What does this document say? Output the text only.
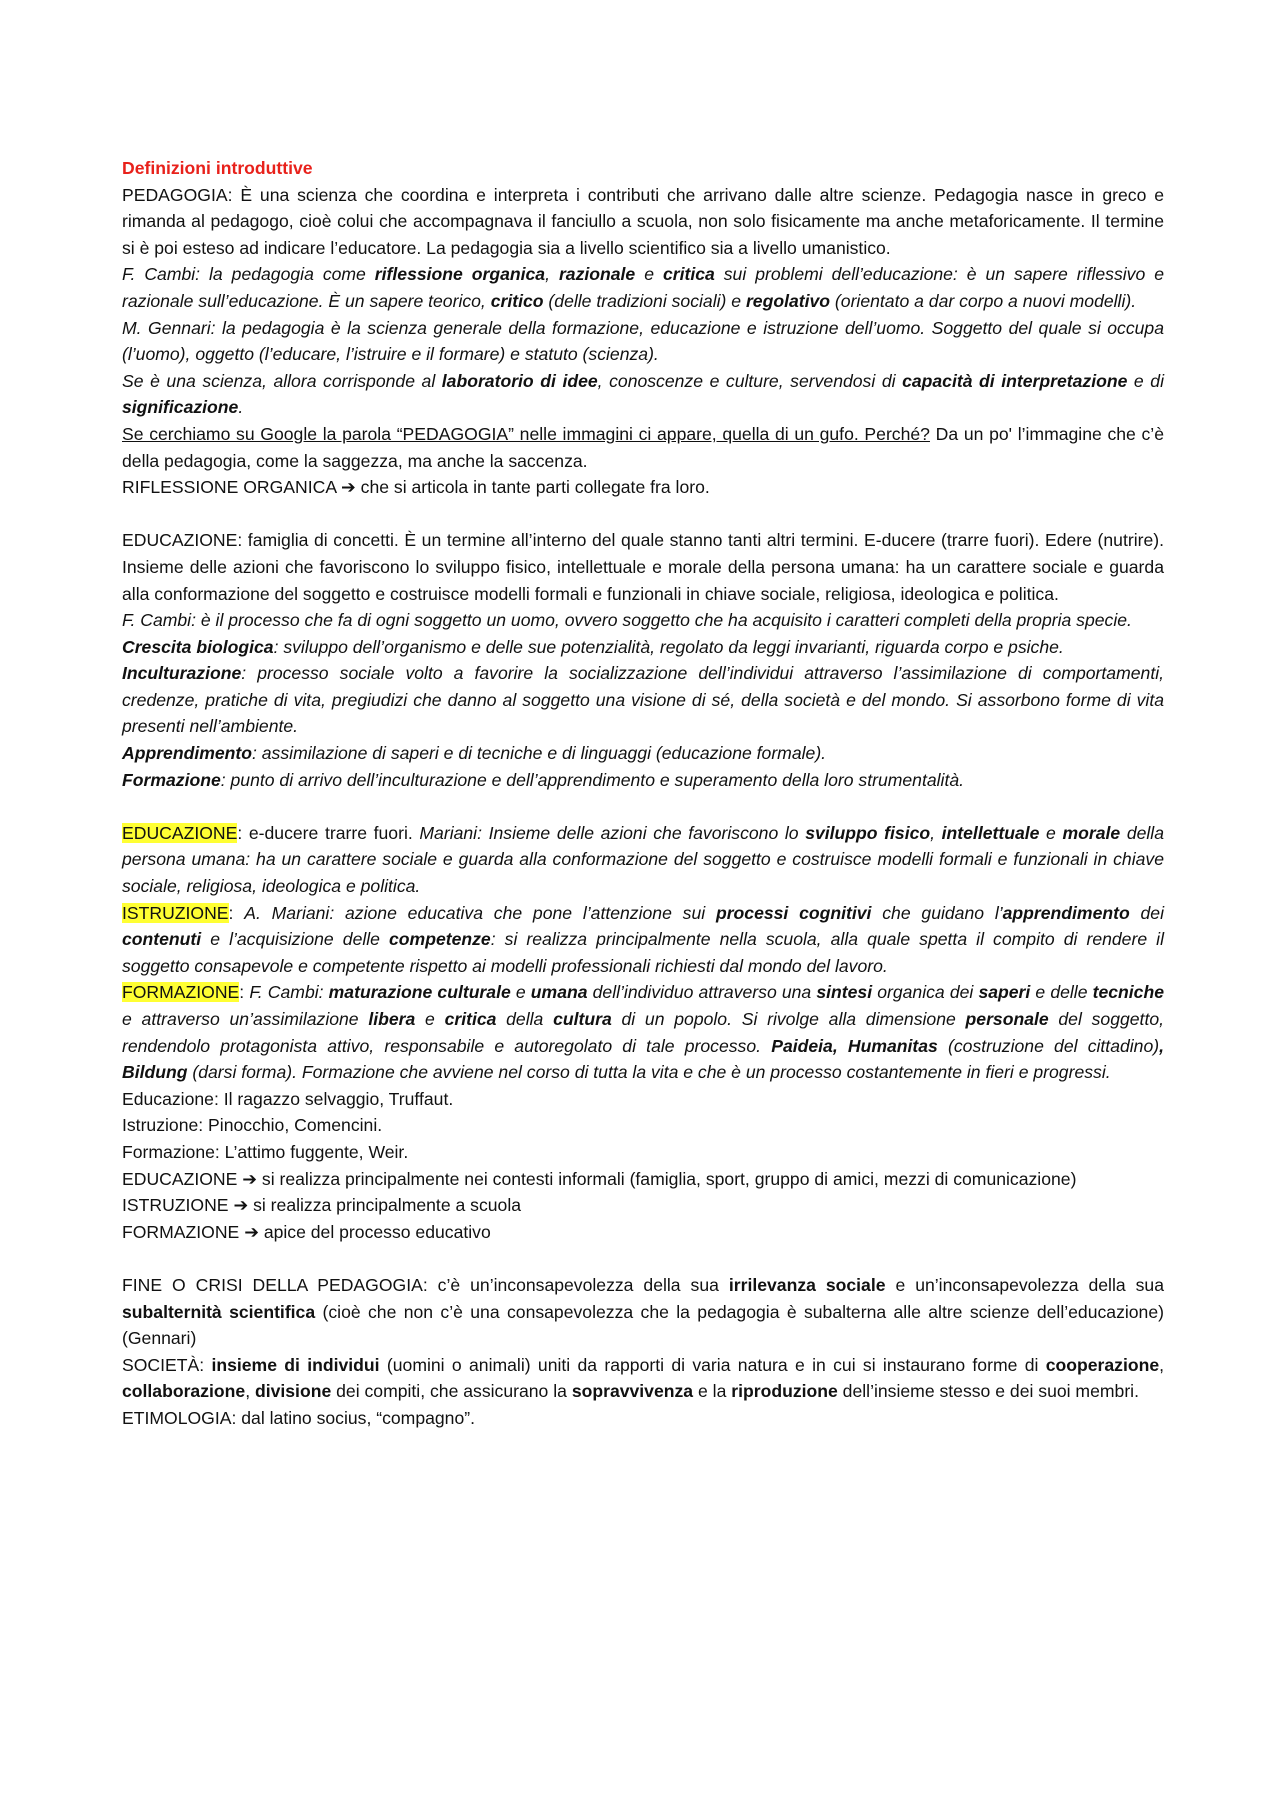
Definizioni introduttive

PEDAGOGIA: È una scienza che coordina e interpreta i contributi che arrivano dalle altre scienze. Pedagogia nasce in greco e rimanda al pedagogo, cioè colui che accompagnava il fanciullo a scuola, non solo fisicamente ma anche metaforicamente. Il termine si è poi esteso ad indicare l’educatore. La pedagogia sia a livello scientifico sia a livello umanistico.

F. Cambi: la pedagogia come riflessione organica, razionale e critica sui problemi dell’educazione: è un sapere riflessivo e razionale sull’educazione. È un sapere teorico, critico (delle tradizioni sociali) e regolativo (orientato a dar corpo a nuovi modelli).

M. Gennari: la pedagogia è la scienza generale della formazione, educazione e istruzione dell’uomo. Soggetto del quale si occupa (l’uomo), oggetto (l’educare, l’istruire e il formare) e statuto (scienza).

Se è una scienza, allora corrisponde al laboratorio di idee, conoscenze e culture, servendosi di capacità di interpretazione e di significazione.

Se cerchiamo su Google la parola “PEDAGOGIA” nelle immagini ci appare, quella di un gufo. Perché? Da un po' l’immagine che c’è della pedagogia, come la saggezza, ma anche la saccenza.

RIFLESSIONE ORGANICA ➔ che si articola in tante parti collegate fra loro.

EDUCAZIONE: famiglia di concetti. È un termine all’interno del quale stanno tanti altri termini. E-ducere (trarre fuori). Edere (nutrire). Insieme delle azioni che favoriscono lo sviluppo fisico, intellettuale e morale della persona umana: ha un carattere sociale e guarda alla conformazione del soggetto e costruisce modelli formali e funzionali in chiave sociale, religiosa, ideologica e politica.

F. Cambi: è il processo che fa di ogni soggetto un uomo, ovvero soggetto che ha acquisito i caratteri completi della propria specie.

Crescita biologica: sviluppo dell’organismo e delle sue potenzialità, regolato da leggi invarianti, riguarda corpo e psiche.

Inculturazione: processo sociale volto a favorire la socializzazione dell’individui attraverso l’assimilazione di comportamenti, credenze, pratiche di vita, pregiudizi che danno al soggetto una visione di sé, della società e del mondo. Si assorbono forme di vita presenti nell’ambiente.

Apprendimento: assimilazione di saperi e di tecniche e di linguaggi (educazione formale).

Formazione: punto di arrivo dell’inculturazione e dell’apprendimento e superamento della loro strumentalità.

EDUCAZIONE: e-ducere trarre fuori. Mariani: Insieme delle azioni che favoriscono lo sviluppo fisico, intellettuale e morale della persona umana: ha un carattere sociale e guarda alla conformazione del soggetto e costruisce modelli formali e funzionali in chiave sociale, religiosa, ideologica e politica.

ISTRUZIONE: A. Mariani: azione educativa che pone l’attenzione sui processi cognitivi che guidano l’apprendimento dei contenuti e l’acquisizione delle competenze: si realizza principalmente nella scuola, alla quale spetta il compito di rendere il soggetto consapevole e competente rispetto ai modelli professionali richiesti dal mondo del lavoro.

FORMAZIONE: F. Cambi: maturazione culturale e umana dell’individuo attraverso una sintesi organica dei saperi e delle tecniche e attraverso un’assimilazione libera e critica della cultura di un popolo. Si rivolge alla dimensione personale del soggetto, rendendolo protagonista attivo, responsabile e autoregolato di tale processo. Paideia, Humanitas (costruzione del cittadino), Bildung (darsi forma). Formazione che avviene nel corso di tutta la vita e che è un processo costantemente in fieri e progressi.

Educazione: Il ragazzo selvaggio, Truffaut.

Istruzione: Pinocchio, Comencini.

Formazione: L’attimo fuggente, Weir.

EDUCAZIONE ➔ si realizza principalmente nei contesti informali (famiglia, sport, gruppo di amici, mezzi di comunicazione)

ISTRUZIONE ➔ si realizza principalmente a scuola

FORMAZIONE ➔ apice del processo educativo

FINE O CRISI DELLA PEDAGOGIA: c’è un’inconsapevolezza della sua irrilevanza sociale e un’inconsapevolezza della sua subalternità scientifica (cioè che non c’è una consapevolezza che la pedagogia è subalterna alle altre scienze dell’educazione) (Gennari)

SOCIETÀ: insieme di individui (uomini o animali) uniti da rapporti di varia natura e in cui si instaurano forme di cooperazione, collaborazione, divisione dei compiti, che assicurano la sopravvivenza e la riproduzione dell’insieme stesso e dei suoi membri.

ETIMOLOGIA: dal latino socius, “compagno”.
